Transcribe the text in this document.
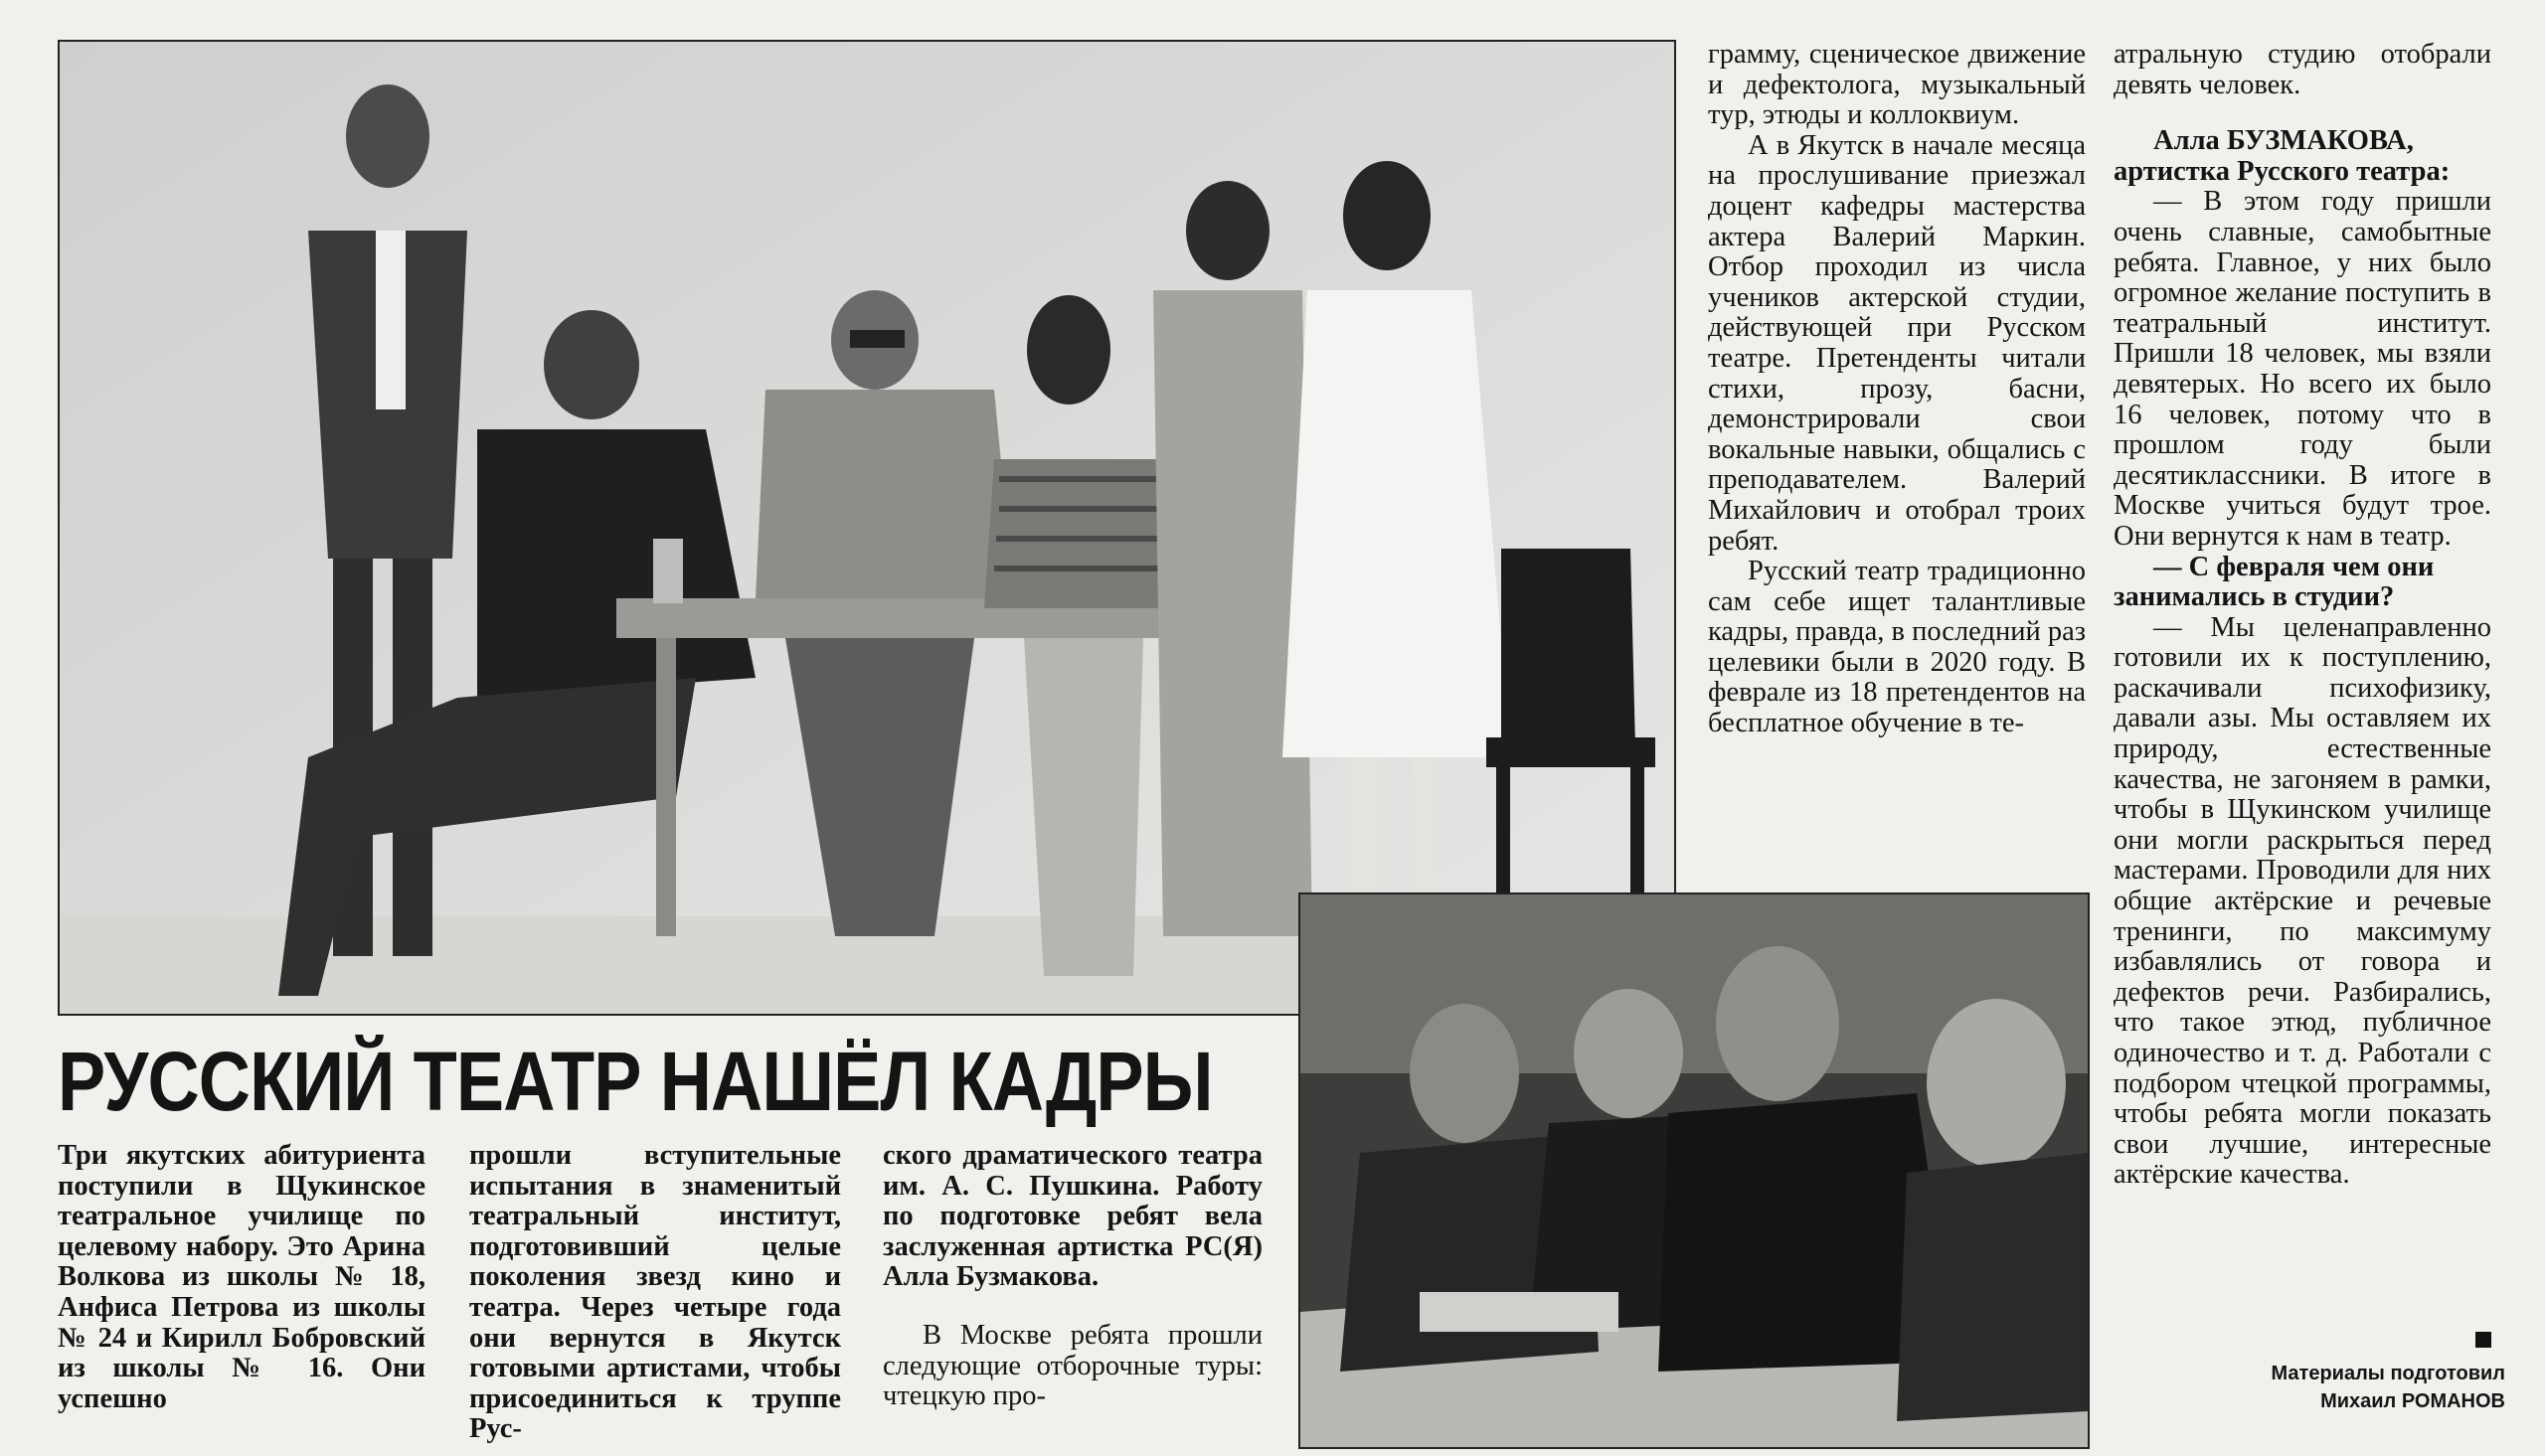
РУССКИЙ ТЕАТР НАШЁЛ КАДРЫ

Три якутских абитуриента поступили в Щукинское театральное училище по целевому набору. Это Арина Волкова из школы № 18, Анфиса Петрова из школы № 24 и Кирилл Бобровский из школы № 16. Они успешно

прошли вступительные испытания в знаменитый театральный институт, подготовивший целые поколения звезд кино и театра. Через четыре года они вернутся в Якутск готовыми артистами, чтобы присоединиться к труппе Рус-

ского драматического театра им. А. С. Пушкина. Работу по подготовке ребят вела заслуженная артистка РС(Я) Алла Бузмакова.

В Москве ребята прошли следующие отборочные туры: чтецкую про-

грамму, сценическое движение и дефектолога, музыкальный тур, этюды и коллоквиум.

А в Якутск в начале месяца на прослушивание приезжал доцент кафедры мастерства актера Валерий Маркин. Отбор проходил из числа учеников актерской студии, действующей при Русском театре. Претенденты читали стихи, прозу, басни, демонстрировали свои вокальные навыки, общались с преподавателем. Валерий Михайлович и отобрал троих ребят.

Русский театр традиционно сам себе ищет талантливые кадры, правда, в последний раз целевики были в 2020 году. В феврале из 18 претендентов на бесплатное обучение в те-

атральную студию отобрали девять человек.

Алла БУЗМАКОВА, артистка Русского театра:

— В этом году пришли очень славные, самобытные ребята. Главное, у них было огромное желание поступить в театральный институт. Пришли 18 человек, мы взяли девятерых. Но всего их было 16 человек, потому что в прошлом году были десятиклассники. В итоге в Москве учиться будут трое. Они вернутся к нам в театр.

— С февраля чем они занимались в студии?

— Мы целенаправленно готовили их к поступлению, раскачивали психофизику, давали азы. Мы оставляем их природу, естественные качества, не загоняем в рамки, чтобы в Щукинском училище они могли раскрыться перед мастерами. Проводили для них общие актёрские и речевые тренинги, по максимуму избавлялись от говора и дефектов речи. Разбирались, что такое этюд, публичное одиночество и т. д. Работали с подбором чтецкой программы, чтобы ребята могли показать свои лучшие, интересные актёрские качества.

Материалы подготовил
Михаил РОМАНОВ
